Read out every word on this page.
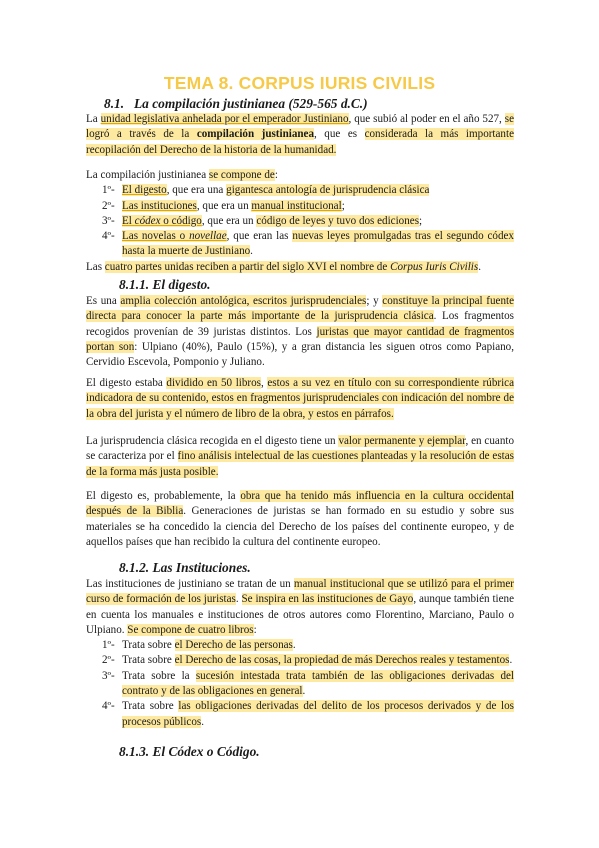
TEMA 8. CORPUS IURIS CIVILIS
8.1. La compilación justinianea (529-565 d.C.)

La unidad legislativa anhelada por el emperador Justiniano, que subió al poder en el año 527, se logró a través de la compilación justinianea, que es considerada la más importante recopilación del Derecho de la historia de la humanidad.

La compilación justinianea se compone de:

1º- El digesto, que era una gigantesca antología de jurisprudencia clásica
2º- Las instituciones, que era un manual institucional;
3º- El códex o código, que era un código de leyes y tuvo dos ediciones;
4º- Las novelas o novellae, que eran las nuevas leyes promulgadas tras el segundo códex hasta la muerte de Justiniano.

Las cuatro partes unidas reciben a partir del siglo XVI el nombre de Corpus Iuris Civilis.

8.1.1. El digesto.

Es una amplia colección antológica, escritos jurisprudenciales; y constituye la principal fuente directa para conocer la parte más importante de la jurisprudencia clásica. Los fragmentos recogidos provenían de 39 juristas distintos. Los juristas que mayor cantidad de fragmentos portan son: Ulpiano (40%), Paulo (15%), y a gran distancia les siguen otros como Papiano, Cervidio Escevola, Pomponio y Juliano.

El digesto estaba dividido en 50 libros, estos a su vez en título con su correspondiente rúbrica indicadora de su contenido, estos en fragmentos jurisprudenciales con indicación del nombre de la obra del jurista y el número de libro de la obra, y estos en párrafos.

La jurisprudencia clásica recogida en el digesto tiene un valor permanente y ejemplar, en cuanto se caracteriza por el fino análisis intelectual de las cuestiones planteadas y la resolución de estas de la forma más justa posible.

El digesto es, probablemente, la obra que ha tenido más influencia en la cultura occidental después de la Biblia. Generaciones de juristas se han formado en su estudio y sobre sus materiales se ha concedido la ciencia del Derecho de los países del continente europeo, y de aquellos países que han recibido la cultura del continente europeo.

8.1.2. Las Instituciones.

Las instituciones de justiniano se tratan de un manual institucional que se utilizó para el primer curso de formación de los juristas. Se inspira en las instituciones de Gayo, aunque también tiene en cuenta los manuales e instituciones de otros autores como Florentino, Marciano, Paulo o Ulpiano. Se compone de cuatro libros:

1º- Trata sobre el Derecho de las personas.
2º- Trata sobre el Derecho de las cosas, la propiedad de más Derechos reales y testamentos.
3º- Trata sobre la sucesión intestada trata también de las obligaciones derivadas del contrato y de las obligaciones en general.
4º- Trata sobre las obligaciones derivadas del delito de los procesos derivados y de los procesos públicos.
8.1.3. El Códex o Código.
